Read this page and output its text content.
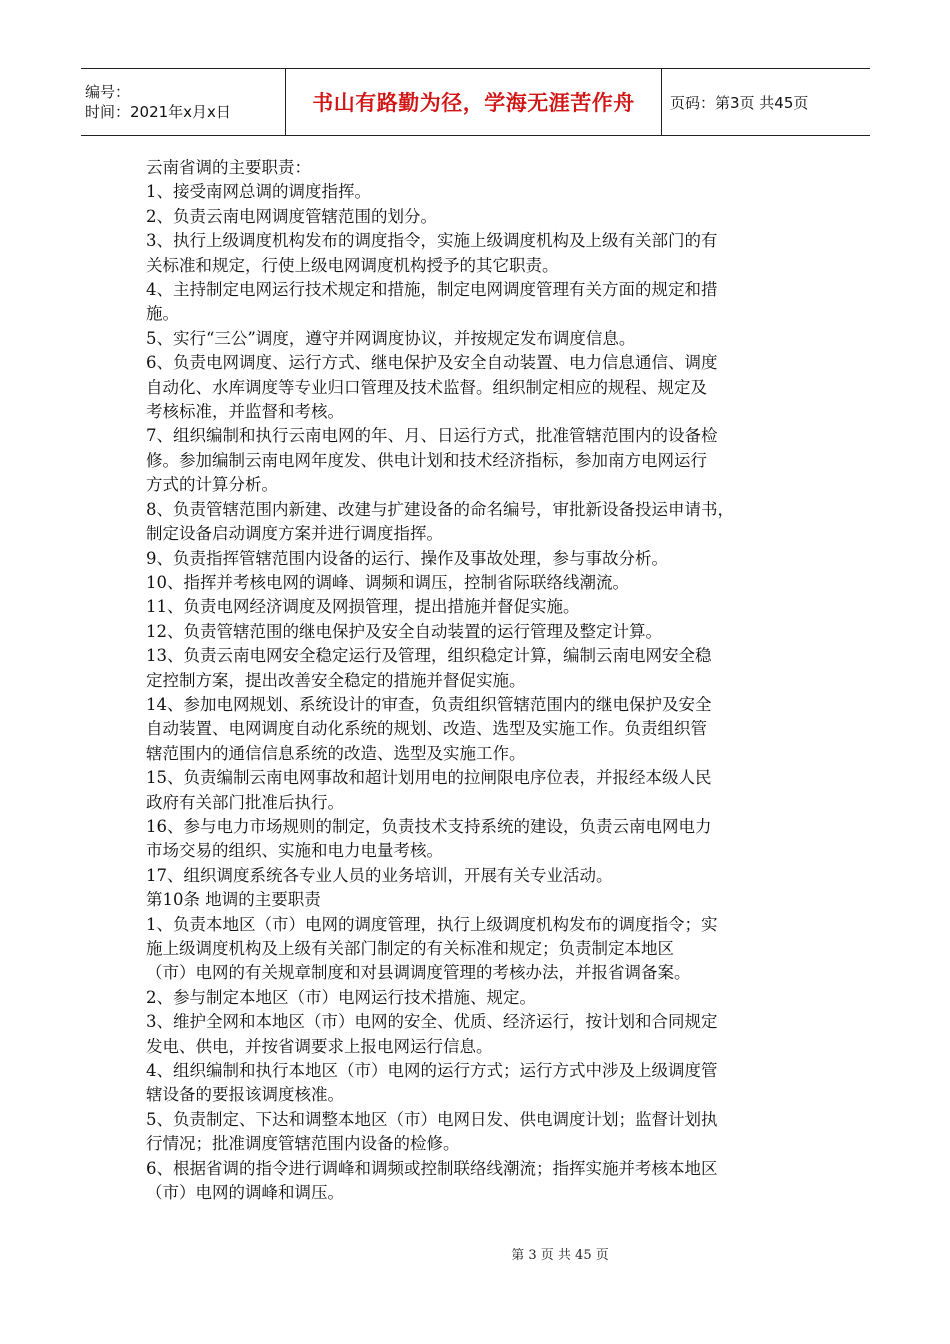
编号：
时间：2021年x月x日	书山有路勤为径，学海无涯苦作舟	页码：第3页 共45页

云南省调的主要职责：

1、接受南网总调的调度指挥。

2、负责云南电网调度管辖范围的划分。

3、执行上级调度机构发布的调度指令，实施上级调度机构及上级有关部门的有

关标准和规定，行使上级电网调度机构授予的其它职责。

4、主持制定电网运行技术规定和措施，制定电网调度管理有关方面的规定和措

施。

5、实行“三公”调度，遵守并网调度协议，并按规定发布调度信息。

6、负责电网调度、运行方式、继电保护及安全自动装置、电力信息通信、调度

自动化、水库调度等专业归口管理及技术监督。组织制定相应的规程、规定及

考核标准，并监督和考核。

7、组织编制和执行云南电网的年、月、日运行方式，批准管辖范围内的设备检

修。参加编制云南电网年度发、供电计划和技术经济指标，参加南方电网运行

方式的计算分析。

8、负责管辖范围内新建、改建与扩建设备的命名编号，审批新设备投运申请书，

制定设备启动调度方案并进行调度指挥。

9、负责指挥管辖范围内设备的运行、操作及事故处理，参与事故分析。

10、指挥并考核电网的调峰、调频和调压，控制省际联络线潮流。

11、负责电网经济调度及网损管理，提出措施并督促实施。

12、负责管辖范围的继电保护及安全自动装置的运行管理及整定计算。

13、负责云南电网安全稳定运行及管理，组织稳定计算，编制云南电网安全稳

定控制方案，提出改善安全稳定的措施并督促实施。

14、参加电网规划、系统设计的审查，负责组织管辖范围内的继电保护及安全

自动装置、电网调度自动化系统的规划、改造、选型及实施工作。负责组织管

辖范围内的通信信息系统的改造、选型及实施工作。

15、负责编制云南电网事故和超计划用电的拉闸限电序位表，并报经本级人民

政府有关部门批准后执行。

16、参与电力市场规则的制定，负责技术支持系统的建设，负责云南电网电力

市场交易的组织、实施和电力电量考核。

17、组织调度系统各专业人员的业务培训，开展有关专业活动。

第10条 地调的主要职责

1、负责本地区（市）电网的调度管理，执行上级调度机构发布的调度指令；实

施上级调度机构及上级有关部门制定的有关标准和规定；负责制定本地区

（市）电网的有关规章制度和对县调调度管理的考核办法，并报省调备案。

2、参与制定本地区（市）电网运行技术措施、规定。

3、维护全网和本地区（市）电网的安全、优质、经济运行，按计划和合同规定

发电、供电，并按省调要求上报电网运行信息。

4、组织编制和执行本地区（市）电网的运行方式；运行方式中涉及上级调度管

辖设备的要报该调度核准。

5、负责制定、下达和调整本地区（市）电网日发、供电调度计划；监督计划执

行情况；批准调度管辖范围内设备的检修。

6、根据省调的指令进行调峰和调频或控制联络线潮流；指挥实施并考核本地区

（市）电网的调峰和调压。

第 3 页 共 45 页
